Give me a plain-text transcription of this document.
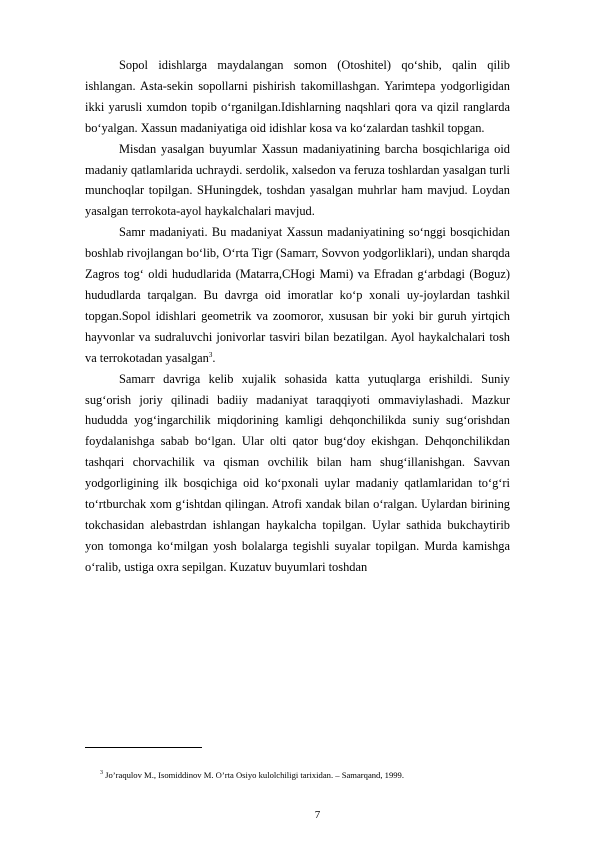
Sopol idishlarga maydalangan somon (Otoshitel) qo‘shib, qalin qilib ishlangan. Asta-sekin sopollarni pishirish takomillashgan. Yarimtepa yodgorligidan ikki yarusli xumdon topib o‘rganilgan.Idishlarning naqshlari qora va qizil ranglarda bo‘yalgan. Xassun madaniyatiga oid idishlar kosa va ko‘zalardan tashkil topgan.

Misdan yasalgan buyumlar Xassun madaniyatining barcha bosqichlariga oid madaniy qatlamlarida uchraydi. serdolik, xalsedon va feruza toshlardan yasalgan turli munchoqlar topilgan. SHuningdek, toshdan yasalgan muhrlar ham mavjud. Loydan yasalgan terrokota-ayol haykalchalari mavjud.

Samr madaniyati. Bu madaniyat Xassun madaniyatining so‘nggi bosqichidan boshlab rivojlangan bo‘lib, O‘rta Tigr (Samarr, Sovvon yodgorliklari), undan sharqda Zagros tog‘ oldi hududlarida (Matarra,CHogi Mami) va Efradan g‘arbdagi (Boguz) hududlarda tarqalgan. Bu davrga oid imoratlar ko‘p xonali uy-joylardan tashkil topgan.Sopol idishlari geometrik va zoomoror, xususan bir yoki bir guruh yirtqich hayvonlar va sudraluvchi jonivorlar tasviri bilan bezatilgan. Ayol haykalchalari tosh va terrokotadan yasalgan$^3$.

Samarr davriga kelib xujalik sohasida katta yutuqlarga erishildi. Suniy sug‘orish joriy qilinadi badiiy madaniyat taraqqiyoti ommaviylashadi. Mazkur hududda yog‘ingarchilik miqdorining kamligi dehqonchilikda suniy sug‘orishdan foydalanishga sabab bo‘lgan. Ular olti qator bug‘doy ekishgan. Dehqonchilikdan tashqari chorvachilik va qisman ovchilik bilan ham shug‘illanishgan. Savvan yodgorligining ilk bosqichiga oid ko‘pxonali uylar madaniy qatlamlaridan to‘g‘ri to‘rtburchak xom g‘ishtdan qilingan. Atrofi xandak bilan o‘ralgan. Uylardan birining tokchasidan alebastrdan ishlangan haykalcha topilgan. Uylar sathida bukchaytirib yon tomonga ko‘milgan yosh bolalarga tegishli suyalar topilgan. Murda kamishga o‘ralib, ustiga oxra sepilgan. Kuzatuv buyumlari toshdan

$^3$ Jo’raqulov M., Isomiddinov M. O’rta Osiyo kulolchiligi tarixidan. – Samarqand, 1999.
7
